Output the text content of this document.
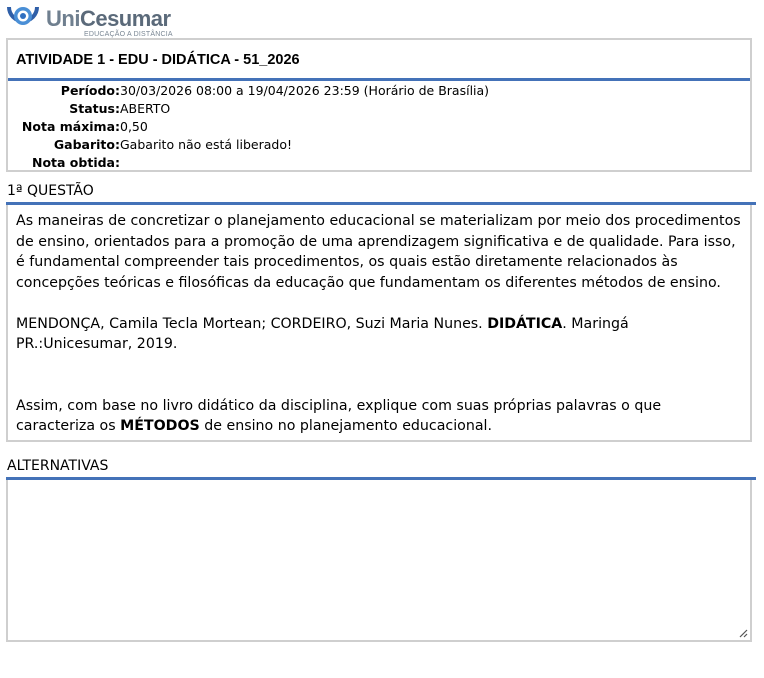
UniCesumar
EDUCAÇÃO A DISTÂNCIA
ATIVIDADE 1 - EDU - DIDÁTICA - 51_2026
Período: 30/03/2026 08:00 a 19/04/2026 23:59 (Horário de Brasília)
Status: ABERTO
Nota máxima: 0,50
Gabarito: Gabarito não está liberado!
Nota obtida:
1ª QUESTÃO

As maneiras de concretizar o planejamento educacional se materializam por meio dos procedimentos de ensino, orientados para a promoção de uma aprendizagem significativa e de qualidade. Para isso, é fundamental compreender tais procedimentos, os quais estão diretamente relacionados às concepções teóricas e filosóficas da educação que fundamentam os diferentes métodos de ensino.

MENDONÇA, Camila Tecla Mortean; CORDEIRO, Suzi Maria Nunes. DIDÁTICA. Maringá PR.:Unicesumar, 2019.

Assim, com base no livro didático da disciplina, explique com suas próprias palavras o que caracteriza os MÉTODOS de ensino no planejamento educacional.

ALTERNATIVAS
